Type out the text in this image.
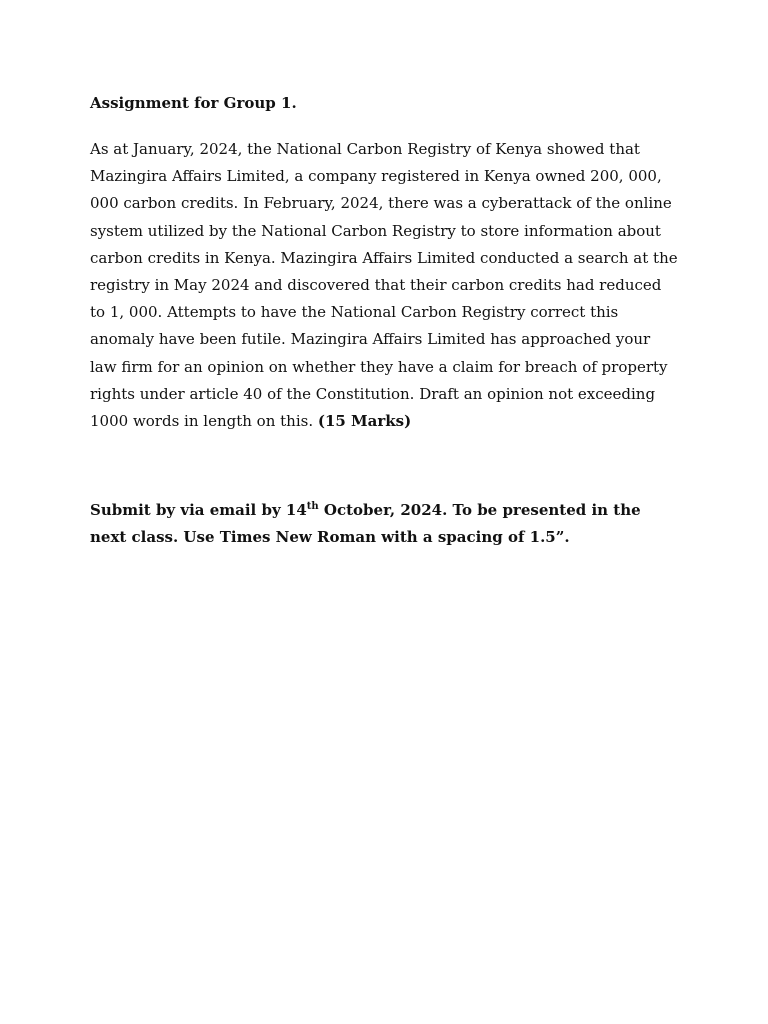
Assignment for Group 1.

As at January, 2024, the National Carbon Registry of Kenya showed that Mazingira Affairs Limited, a company registered in Kenya owned 200, 000, 000 carbon credits. In February, 2024, there was a cyberattack of the online system utilized by the National Carbon Registry to store information about carbon credits in Kenya. Mazingira Affairs Limited conducted a search at the registry in May 2024 and discovered that their carbon credits had reduced to 1, 000. Attempts to have the National Carbon Registry correct this anomaly have been futile. Mazingira Affairs Limited has approached your law firm for an opinion on whether they have a claim for breach of property rights under article 40 of the Constitution. Draft an opinion not exceeding 1000 words in length on this. (15 Marks)

Submit by via email by 14th October, 2024. To be presented in the next class. Use Times New Roman with a spacing of 1.5”.
